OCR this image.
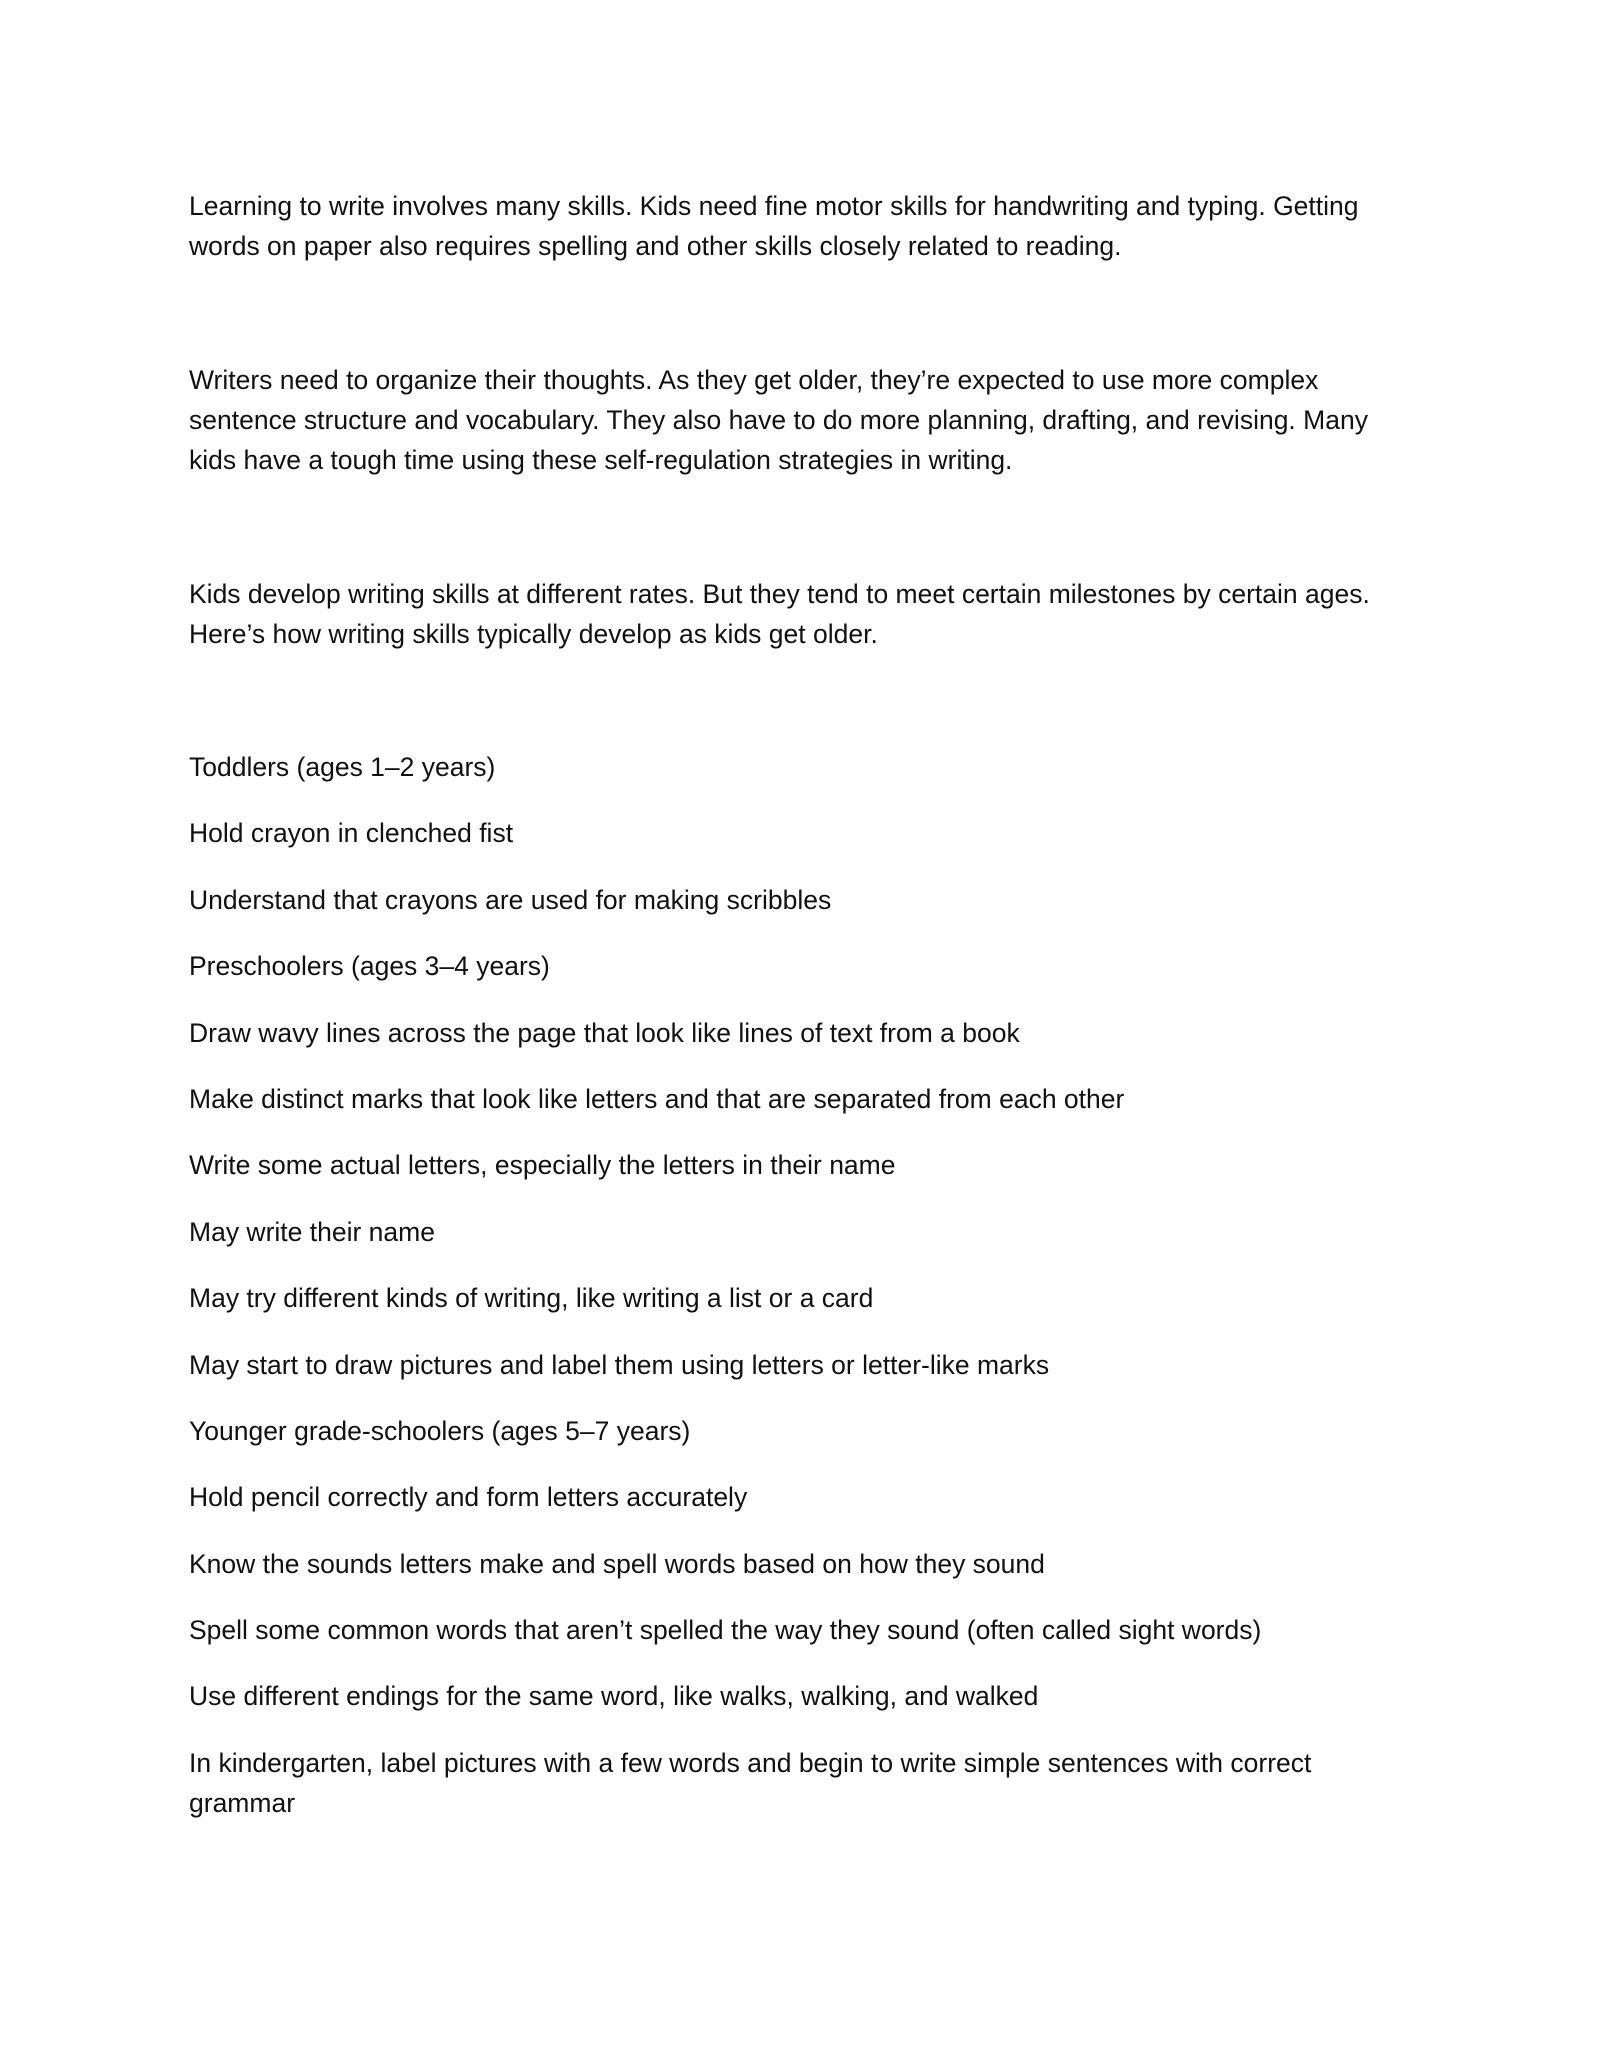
Learning to write involves many skills. Kids need fine motor skills for handwriting and typing. Getting words on paper also requires spelling and other skills closely related to reading.

Writers need to organize their thoughts. As they get older, they’re expected to use more complex sentence structure and vocabulary. They also have to do more planning, drafting, and revising. Many kids have a tough time using these self-regulation strategies in writing.

Kids develop writing skills at different rates. But they tend to meet certain milestones by certain ages. Here’s how writing skills typically develop as kids get older.

Toddlers (ages 1–2 years)
Hold crayon in clenched fist
Understand that crayons are used for making scribbles
Preschoolers (ages 3–4 years)
Draw wavy lines across the page that look like lines of text from a book
Make distinct marks that look like letters and that are separated from each other
Write some actual letters, especially the letters in their name
May write their name
May try different kinds of writing, like writing a list or a card
May start to draw pictures and label them using letters or letter-like marks
Younger grade-schoolers (ages 5–7 years)
Hold pencil correctly and form letters accurately
Know the sounds letters make and spell words based on how they sound
Spell some common words that aren’t spelled the way they sound (often called sight words)
Use different endings for the same word, like walks, walking, and walked
In kindergarten, label pictures with a few words and begin to write simple sentences with correct grammar
